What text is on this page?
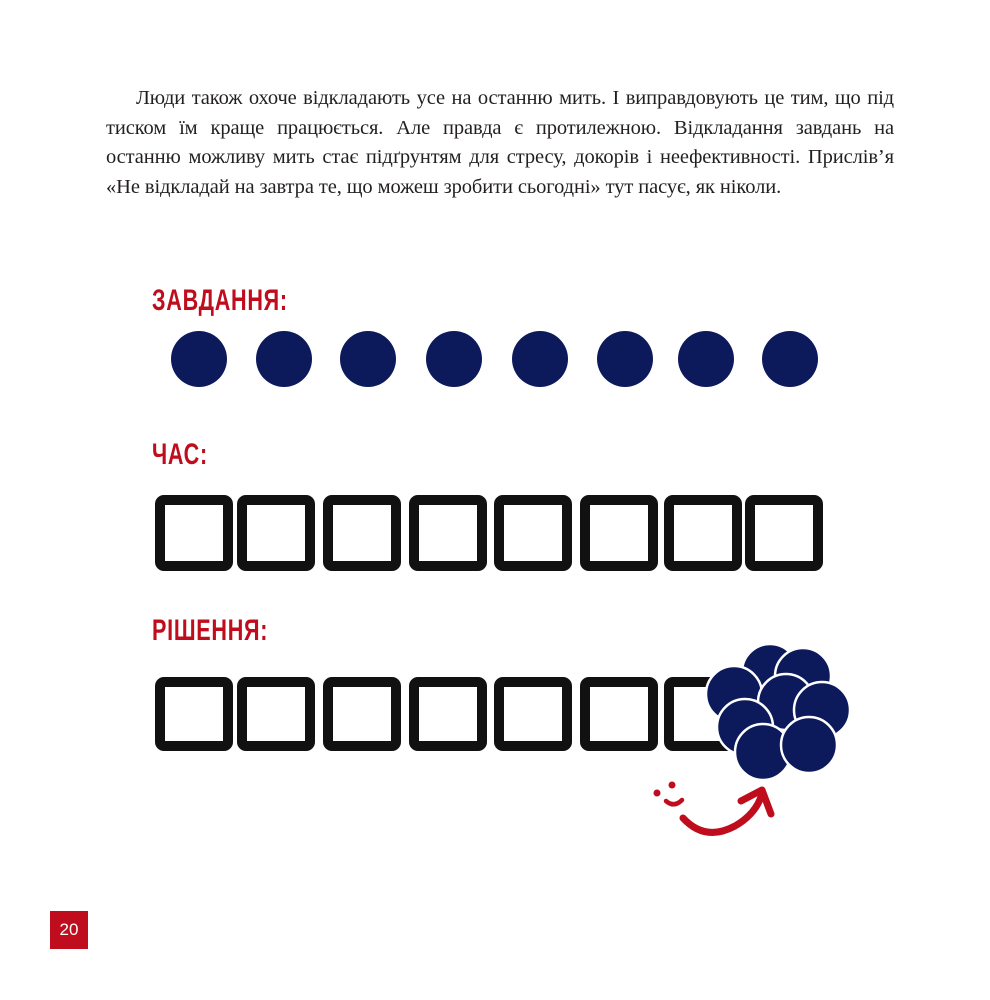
Люди також охоче відкладають усе на останню мить. І виправдовують це тим, що під тиском їм краще працюється. Але правда є протилежною. Відкладання завдань на останню можливу мить стає підґрунтям для стресу, докорів і неефективності. Прислів’я «Не відкладай на завтра те, що можеш зробити сьогодні» тут пасує, як ніколи.

ЗАВДАННЯ:
ЧАС:
РІШЕННЯ:
20
